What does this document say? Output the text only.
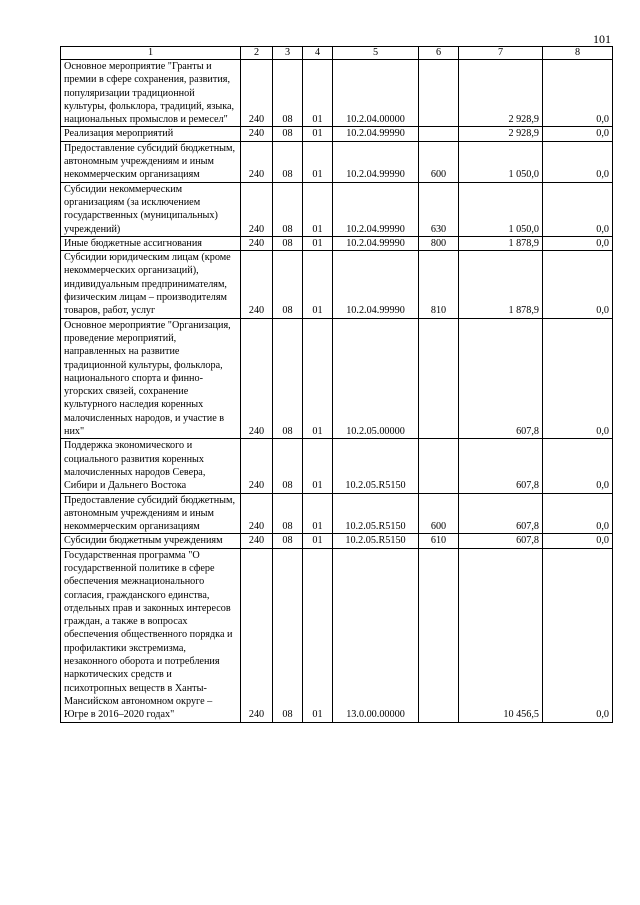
101
1	2	3	4	5	6	7	8
Основное мероприятие "Гранты и премии в сфере сохранения, развития, популяризации традиционной культуры, фольклора, традиций, языка, национальных промыслов и ремесел"	240	08	01	10.2.04.00000		2 928,9	0,0
Реализация мероприятий	240	08	01	10.2.04.99990		2 928,9	0,0
Предоставление субсидий бюджетным, автономным учреждениям и иным некоммерческим организациям	240	08	01	10.2.04.99990	600	1 050,0	0,0
Субсидии некоммерческим организациям (за исключением государственных (муниципальных) учреждений)	240	08	01	10.2.04.99990	630	1 050,0	0,0
Иные бюджетные ассигнования	240	08	01	10.2.04.99990	800	1 878,9	0,0
Субсидии юридическим лицам (кроме некоммерческих организаций), индивидуальным предпринимателям, физическим лицам – производителям товаров, работ, услуг	240	08	01	10.2.04.99990	810	1 878,9	0,0
Основное мероприятие "Организация, проведение мероприятий, направленных на развитие традиционной культуры, фольклора, национального спорта и финно-угорских связей, сохранение культурного наследия коренных малочисленных народов, и участие в них"	240	08	01	10.2.05.00000		607,8	0,0
Поддержка экономического и социального развития коренных малочисленных народов Севера, Сибири и Дальнего Востока	240	08	01	10.2.05.R5150		607,8	0,0
Предоставление субсидий бюджетным, автономным учреждениям и иным некоммерческим организациям	240	08	01	10.2.05.R5150	600	607,8	0,0
Субсидии бюджетным учреждениям	240	08	01	10.2.05.R5150	610	607,8	0,0
Государственная программа "О государственной политике в сфере обеспечения межнационального согласия, гражданского единства, отдельных прав и законных интересов граждан, а также в вопросах обеспечения общественного порядка и профилактики экстремизма, незаконного оборота и потребления наркотических средств и психотропных веществ в Ханты-Мансийском автономном округе – Югре в 2016–2020 годах"	240	08	01	13.0.00.00000		10 456,5	0,0
